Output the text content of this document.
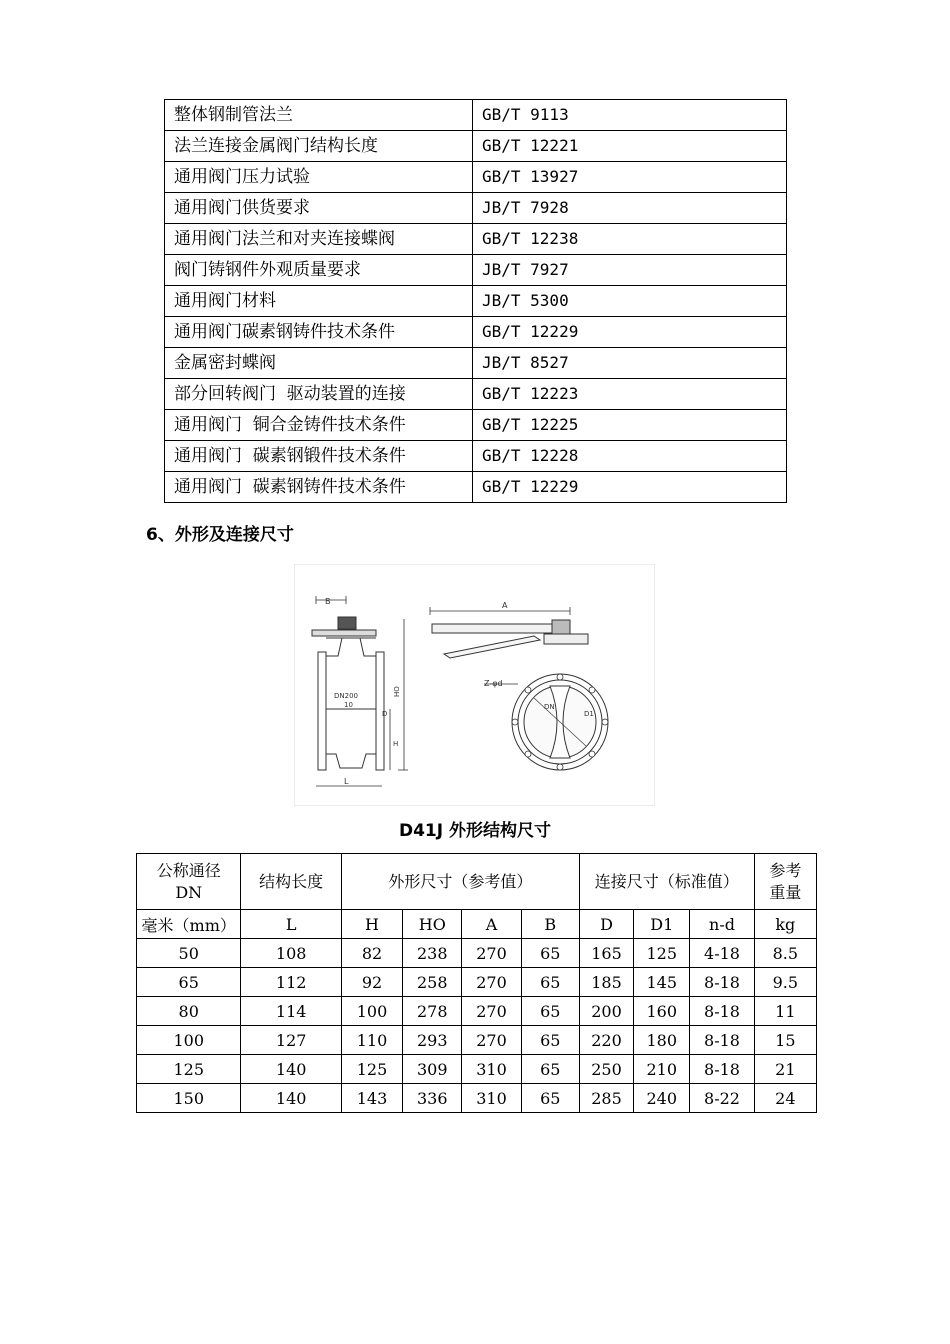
整体钢制管法兰	GB/T 9113
法兰连接金属阀门结构长度	GB/T 12221
通用阀门压力试验	GB/T 13927
通用阀门供货要求	JB/T 7928
通用阀门法兰和对夹连接蝶阀	GB/T 12238
阀门铸钢件外观质量要求	JB/T 7927
通用阀门材料	JB/T 5300
通用阀门碳素钢铸件技术条件	GB/T 12229
金属密封蝶阀	JB/T 8527
部分回转阀门  驱动装置的连接	GB/T 12223
通用阀门  铜合金铸件技术条件	GB/T 12225
通用阀门  碳素钢锻件技术条件	GB/T 12228
通用阀门  碳素钢铸件技术条件	GB/T 12229
6、外形及连接尺寸
B
DN200
10
HO
D
H
L
A
Z-φd
DN
D1
D41J 外形结构尺寸
公称通径
DN	结构长度	外形尺寸（参考值）				连接尺寸（标准值）			参考
重量
毫米（mm）	L	H	HO	A	B	D	D1	n-d	kg
50	108	82	238	270	65	165	125	4-18	8.5
65	112	92	258	270	65	185	145	8-18	9.5
80	114	100	278	270	65	200	160	8-18	11
100	127	110	293	270	65	220	180	8-18	15
125	140	125	309	310	65	250	210	8-18	21
150	140	143	336	310	65	285	240	8-22	24
